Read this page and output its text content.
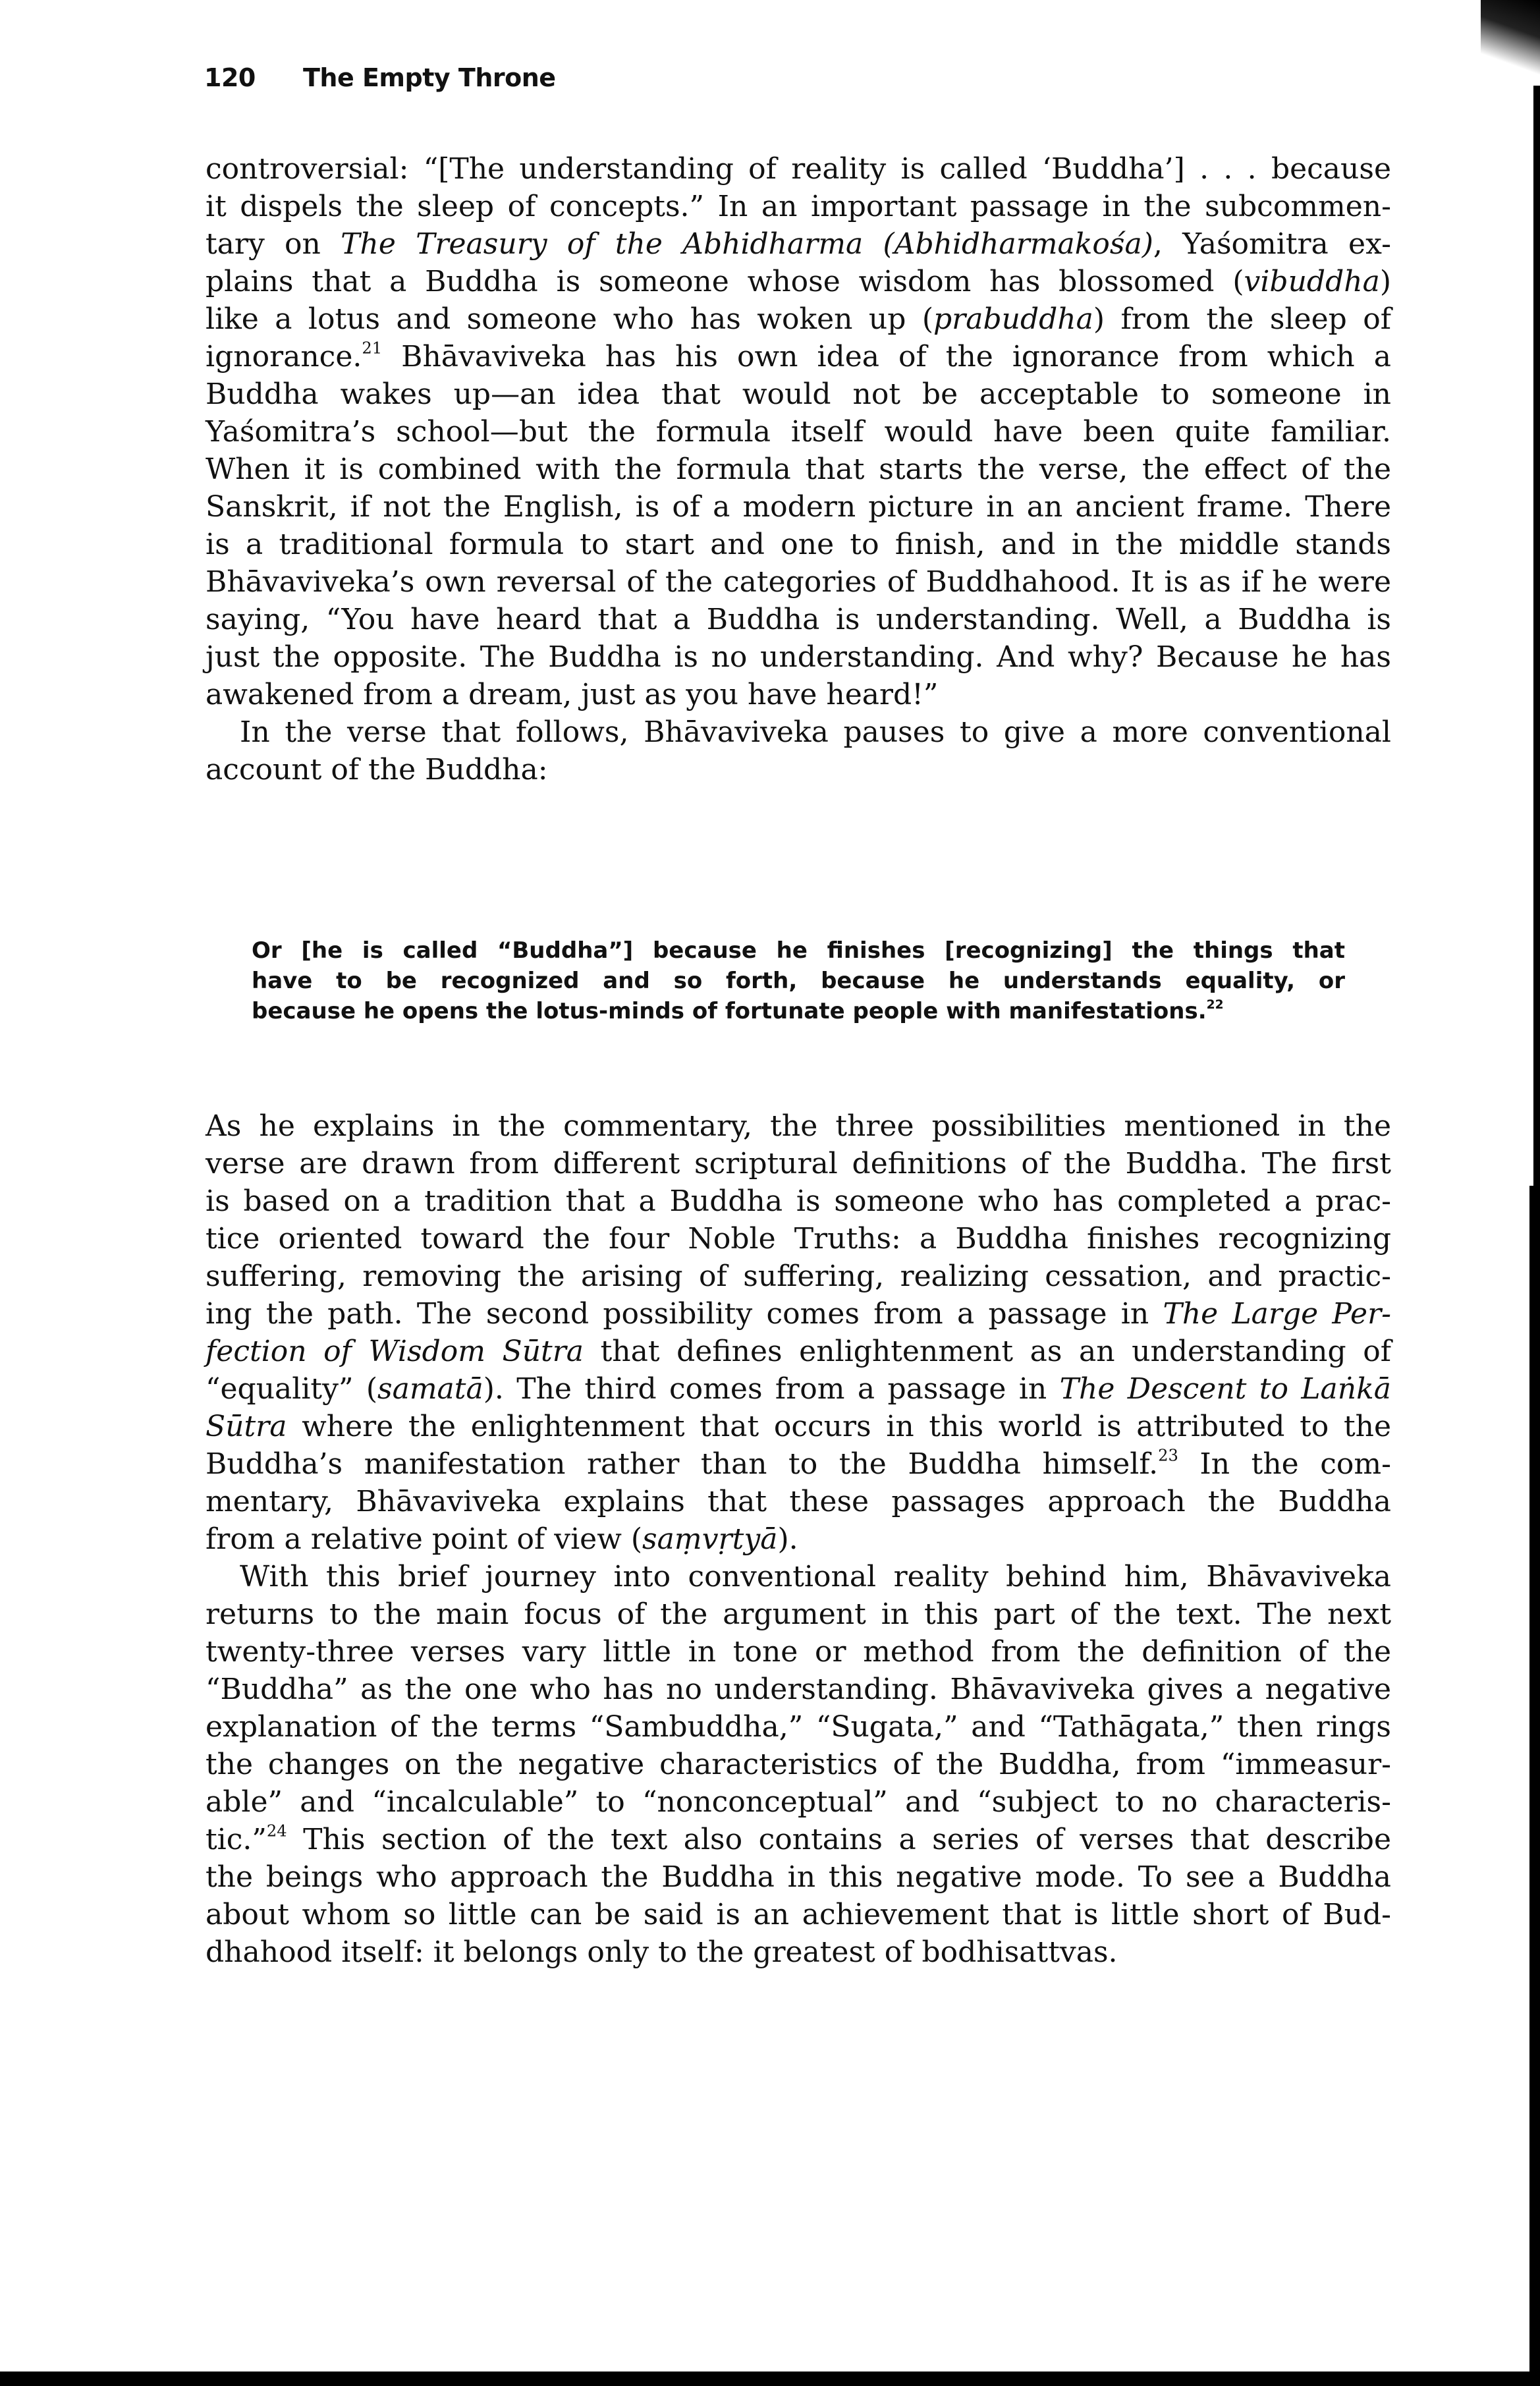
120 The Empty Throne
controversial: “[The understanding of reality is called ‘Buddha’] . . . because
it dispels the sleep of concepts.” In an important passage in the subcommen-
tary on The Treasury of the Abhidharma (Abhidharmakośa), Yaśomitra ex-
plains that a Buddha is someone whose wisdom has blossomed (vibuddha)
like a lotus and someone who has woken up (prabuddha) from the sleep of
ignorance.$^{21}$ Bhāvaviveka has his own idea of the ignorance from which a
Buddha wakes up—an idea that would not be acceptable to someone in
Yaśomitra’s school—but the formula itself would have been quite familiar.
When it is combined with the formula that starts the verse, the effect of the
Sanskrit, if not the English, is of a modern picture in an ancient frame. There
is a traditional formula to start and one to finish, and in the middle stands
Bhāvaviveka’s own reversal of the categories of Buddhahood. It is as if he were
saying, “You have heard that a Buddha is understanding. Well, a Buddha is
just the opposite. The Buddha is no understanding. And why? Because he has
awakened from a dream, just as you have heard!”
In the verse that follows, Bhāvaviveka pauses to give a more conventional
account of the Buddha:
Or [he is called “Buddha”] because he finishes [recognizing] the things that
have to be recognized and so forth, because he understands equality, or
because he opens the lotus-minds of fortunate people with manifestations.$^{22}$
As he explains in the commentary, the three possibilities mentioned in the
verse are drawn from different scriptural definitions of the Buddha. The first
is based on a tradition that a Buddha is someone who has completed a prac-
tice oriented toward the four Noble Truths: a Buddha finishes recognizing
suffering, removing the arising of suffering, realizing cessation, and practic-
ing the path. The second possibility comes from a passage in The Large Per-
fection of Wisdom Sūtra that defines enlightenment as an understanding of
“equality” (samatā). The third comes from a passage in The Descent to Laṅkā
Sūtra where the enlightenment that occurs in this world is attributed to the
Buddha’s manifestation rather than to the Buddha himself.$^{23}$ In the com-
mentary, Bhāvaviveka explains that these passages approach the Buddha
from a relative point of view (saṃvṛtyā).
With this brief journey into conventional reality behind him, Bhāvaviveka
returns to the main focus of the argument in this part of the text. The next
twenty-three verses vary little in tone or method from the definition of the
“Buddha” as the one who has no understanding. Bhāvaviveka gives a negative
explanation of the terms “Sambuddha,” “Sugata,” and “Tathāgata,” then rings
the changes on the negative characteristics of the Buddha, from “immeasur-
able” and “incalculable” to “nonconceptual” and “subject to no characteris-
tic.”$^{24}$ This section of the text also contains a series of verses that describe
the beings who approach the Buddha in this negative mode. To see a Buddha
about whom so little can be said is an achievement that is little short of Bud-
dhahood itself: it belongs only to the greatest of bodhisattvas.
